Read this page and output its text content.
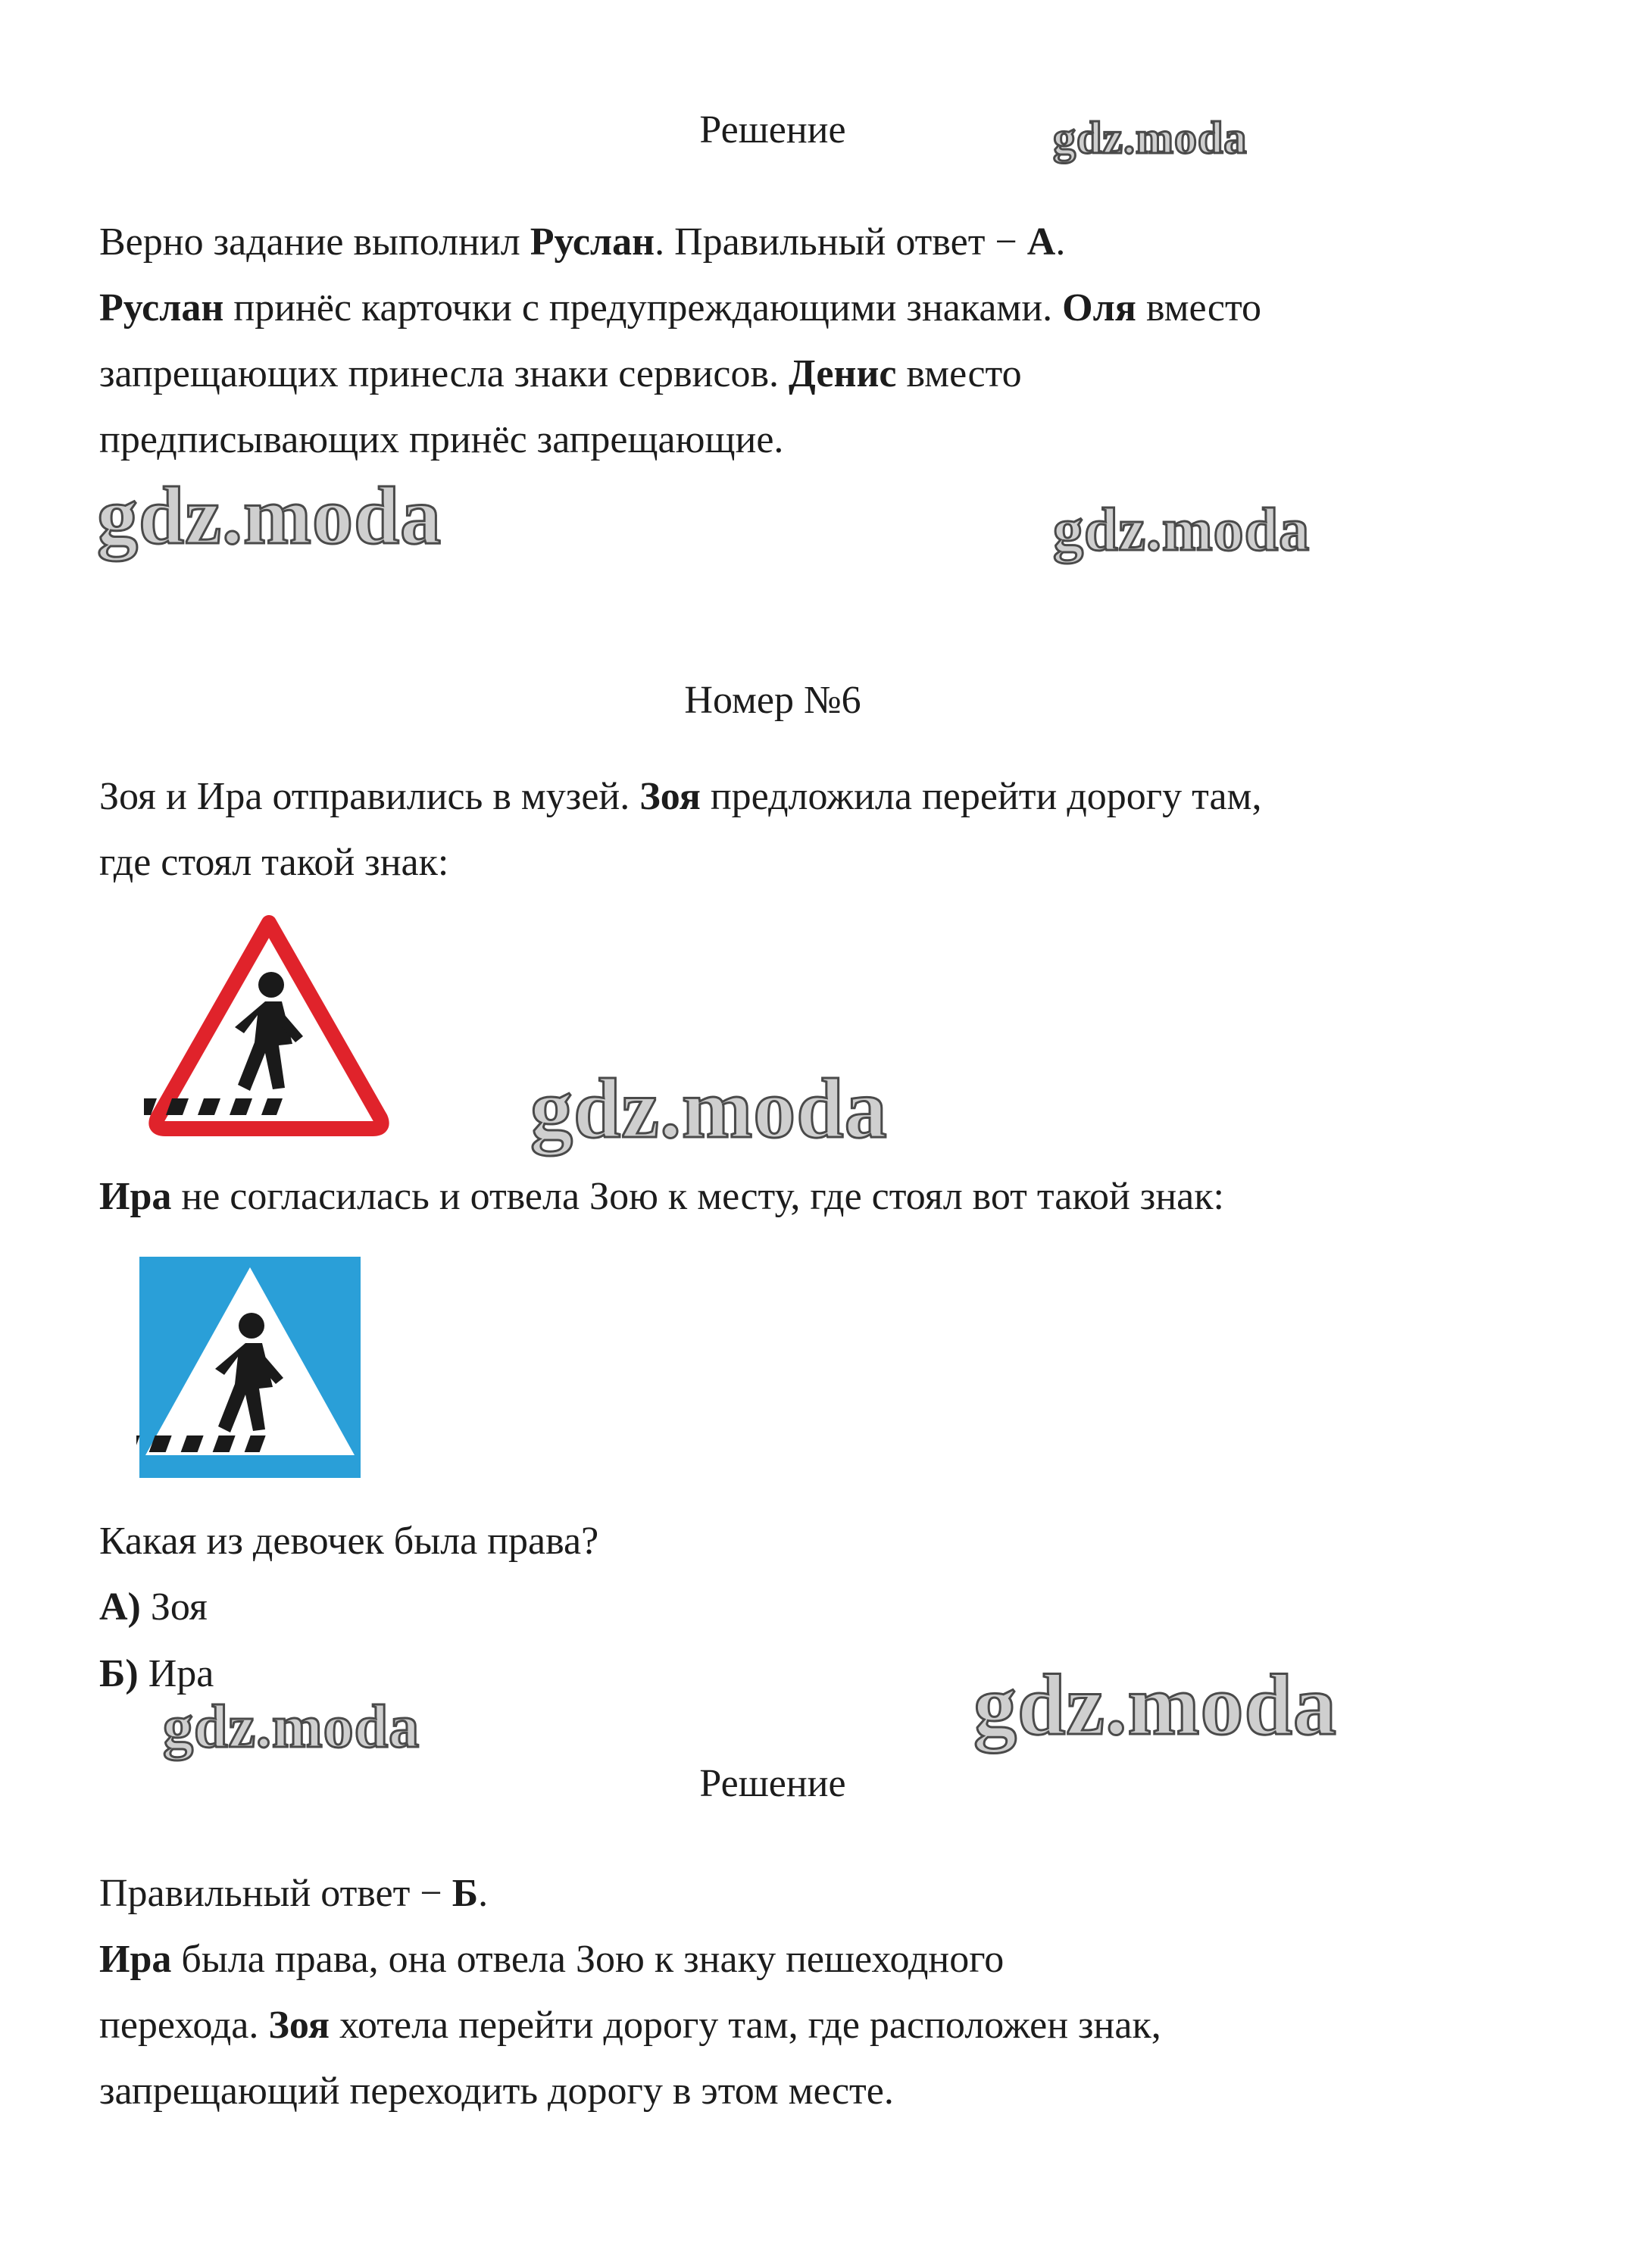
Решение	gdz.moda
Верно задание выполнил Руслан. Правильный ответ − А.
Руслан принёс карточки с предупреждающими знаками. Оля вместо
запрещающих принесла знаки сервисов. Денис вместо
предписывающих принёс запрещающие.
gdz.moda	gdz.moda
Номер №6
Зоя и Ира отправились в музей. Зоя предложила перейти дорогу там,
где стоял такой знак:
gdz.moda
Ира не согласилась и отвела Зою к месту, где стоял вот такой знак:
Какая из девочек была права?
А) Зоя
Б) Ира
gdz.moda	gdz.moda
Решение
Правильный ответ − Б.
Ира была права, она отвела Зою к знаку пешеходного
перехода. Зоя хотела перейти дорогу там, где расположен знак,
запрещающий переходить дорогу в этом месте.
